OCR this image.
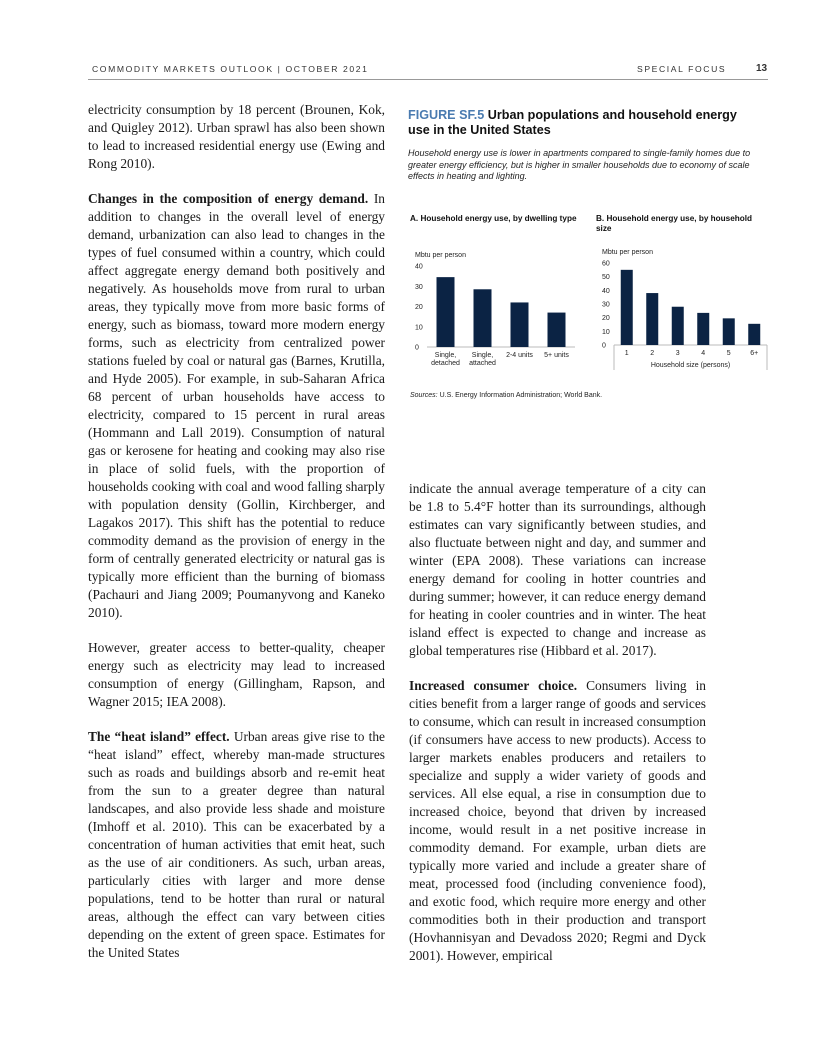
COMMODITY MARKETS OUTLOOK | OCTOBER 2021	SPECIAL FOCUS	13

electricity consumption by 18 percent (Brounen, Kok, and Quigley 2012). Urban sprawl has also been shown to lead to increased residential energy use (Ewing and Rong 2010).

Changes in the composition of energy demand. In addition to changes in the overall level of energy demand, urbanization can also lead to changes in the types of fuel consumed within a country, which could affect aggregate energy demand both positively and negatively. As households move from rural to urban areas, they typically move from more basic forms of energy, such as biomass, toward more modern energy forms, such as electricity from centralized power stations fueled by coal or natural gas (Barnes, Krutilla, and Hyde 2005). For example, in sub-Saharan Africa 68 percent of urban households have access to electricity, compared to 15 percent in rural areas (Hommann and Lall 2019). Consumption of natural gas or kerosene for heating and cooking may also rise in place of solid fuels, with the proportion of households cooking with coal and wood falling sharply with population density (Gollin, Kirchberger, and Lagakos 2017). This shift has the potential to reduce commodity demand as the provision of energy in the form of centrally generated electricity or natural gas is typically more efficient than the burning of biomass (Pachauri and Jiang 2009; Poumanyvong and Kaneko 2010).

However, greater access to better-quality, cheaper energy such as electricity may lead to increased consumption of energy (Gillingham, Rapson, and Wagner 2015; IEA 2008).

The “heat island” effect. Urban areas give rise to the “heat island” effect, whereby man-made structures such as roads and buildings absorb and re-emit heat from the sun to a greater degree than natural landscapes, and also provide less shade and moisture (Imhoff et al. 2010). This can be exacerbated by a concentration of human activities that emit heat, such as the use of air conditioners. As such, urban areas, particularly cities with larger and more dense populations, tend to be hotter than rural or natural areas, although the effect can vary between cities depending on the extent of green space. Estimates for the United States

indicate the annual average temperature of a city can be 1.8 to 5.4°F hotter than its surroundings, although estimates can vary significantly between studies, and also fluctuate between night and day, and summer and winter (EPA 2008). These variations can increase energy demand for cooling in hotter countries and during summer; however, it can reduce energy demand for heating in cooler countries and in winter. The heat island effect is expected to change and increase as global temperatures rise (Hibbard et al. 2017).

Increased consumer choice. Consumers living in cities benefit from a larger range of goods and services to consume, which can result in increased consumption (if consumers have access to new products). Access to larger markets enables producers and retailers to specialize and supply a wider variety of goods and services. All else equal, a rise in consumption due to increased choice, beyond that driven by increased income, would result in a net positive increase in commodity demand. For example, urban diets are typically more varied and include a greater share of meat, processed food (including convenience food), and exotic food, which require more energy and other commodities both in their production and transport (Hovhannisyan and Devadoss 2020; Regmi and Dyck 2001). However, empirical

FIGURE SF.5 Urban populations and household energy use in the United States
Household energy use is lower in apartments compared to single-family homes due to greater energy efficiency, but is higher in smaller households due to economy of scale effects in heating and lighting.
A. Household energy use, by dwelling type	B. Household energy use, by household size
Mbtu per person
0
10
20
30
40
Single,
detached
Single,
attached
2-4 units 5+ units
Mbtu per person
0
10
20
30
40
50
60
1	2	3	4	5	6+
Household size (persons)
Sources: U.S. Energy Information Administration; World Bank.
